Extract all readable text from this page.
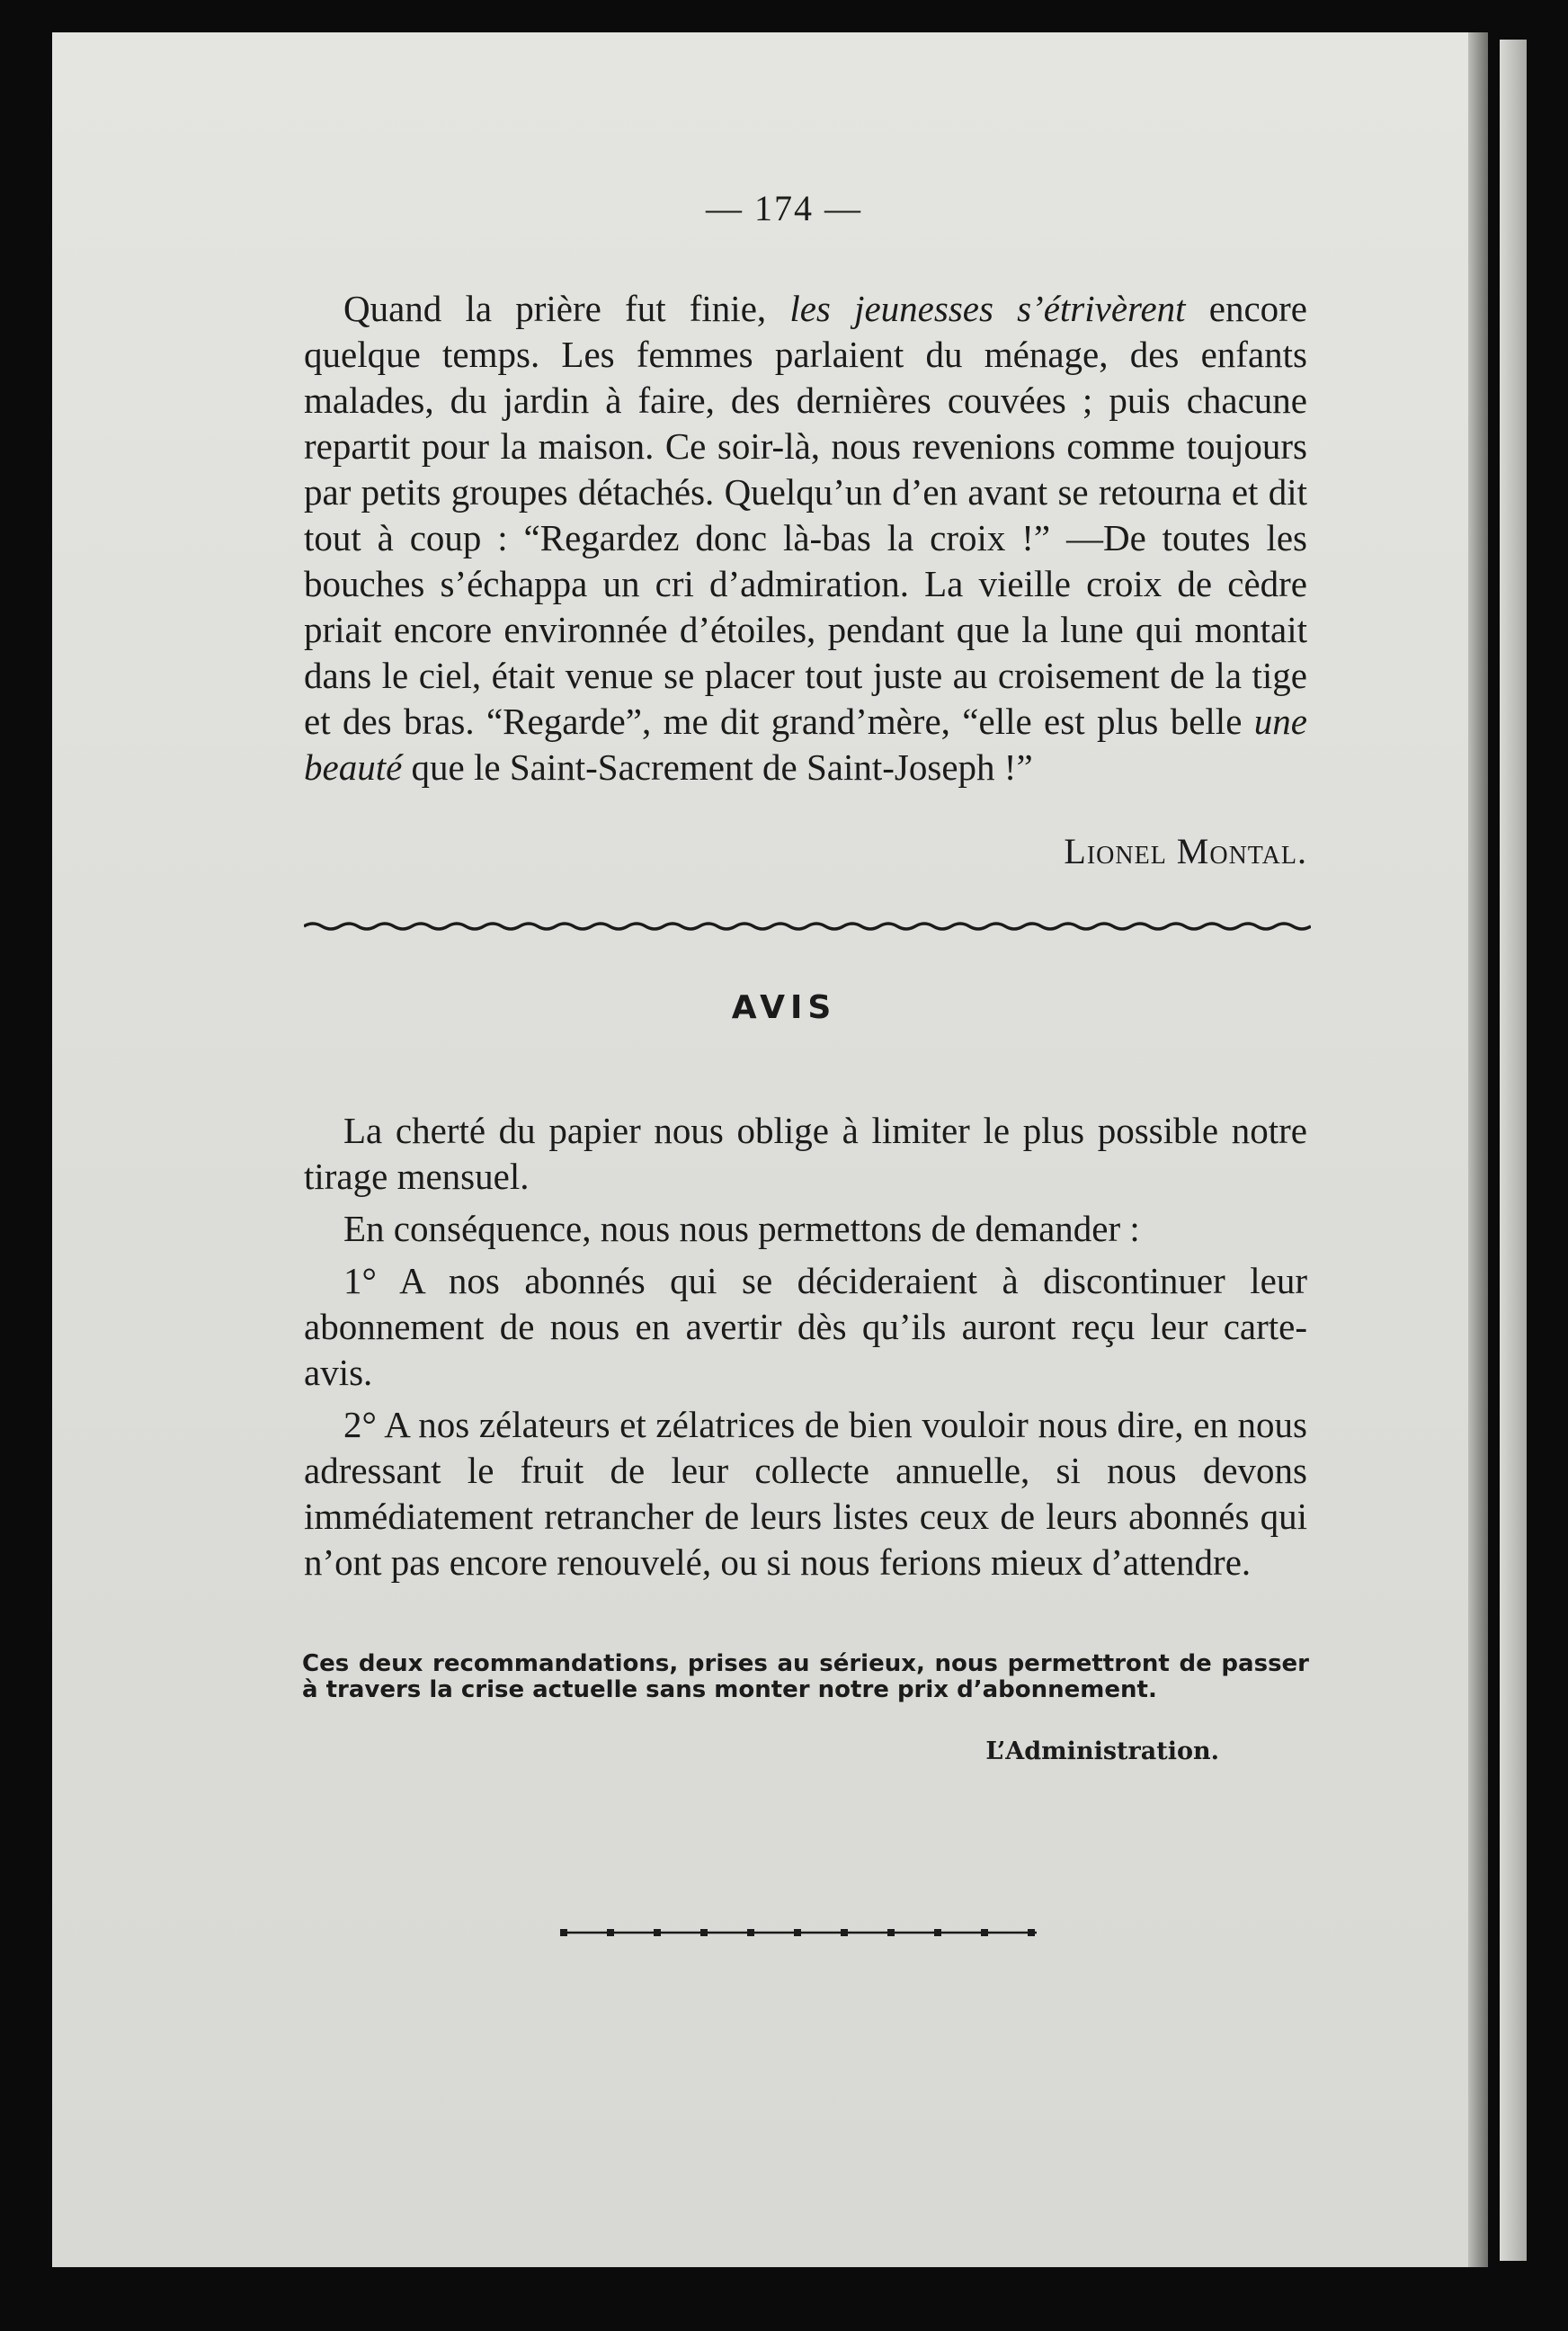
— 174 —

Quand la prière fut finie, les jeunesses s’étrivèrent encore quelque temps. Les femmes parlaient du ménage, des enfants malades, du jardin à faire, des dernières couvées ; puis chacune repartit pour la maison. Ce soir-là, nous revenions comme toujours par petits groupes détachés. Quelqu’un d’en avant se retourna et dit tout à coup : “Regardez donc là-bas la croix !” —De toutes les bouches s’échappa un cri d’admiration. La vieille croix de cèdre priait encore environnée d’étoiles, pendant que la lune qui montait dans le ciel, était venue se placer tout juste au croisement de la tige et des bras. “Regarde”, me dit grand’mère, “elle est plus belle une beauté que le Saint-Sacrement de Saint-Joseph !”

Lionel Montal.
AVIS

La cherté du papier nous oblige à limiter le plus possible notre tirage mensuel.

En conséquence, nous nous permettons de demander :

1° A nos abonnés qui se décideraient à discontinuer leur abonnement de nous en avertir dès qu’ils auront reçu leur carte-avis.

2° A nos zélateurs et zélatrices de bien vouloir nous dire, en nous adressant le fruit de leur collecte annuelle, si nous devons immédiatement retrancher de leurs listes ceux de leurs abonnés qui n’ont pas encore renouvelé, ou si nous ferions mieux d’attendre.

Ces deux recommandations, prises au sérieux, nous permettront de passer à travers la crise actuelle sans monter notre prix d’abonnement.
L’Administration.
